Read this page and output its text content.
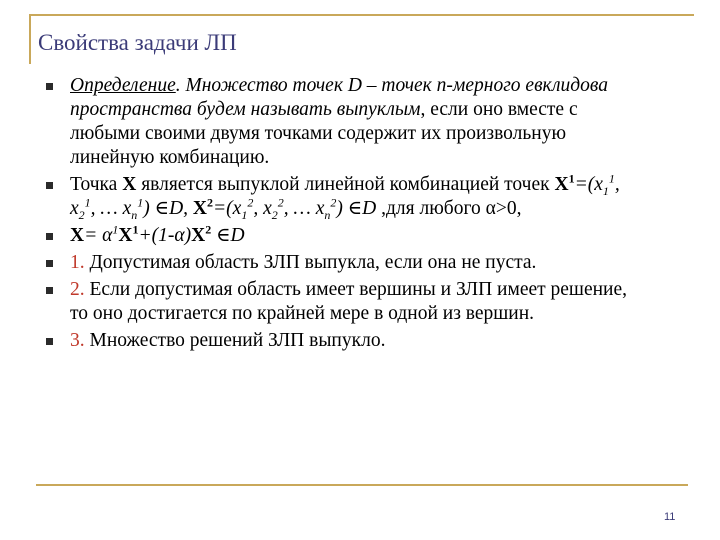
Свойства задачи ЛП
Определение. Множество точек D – точек n-мерного евклидова
пространства будем называть выпуклым, если оно вместе с
любыми своими двумя точками содержит их произвольную
линейную комбинацию.
Точка X является выпуклой линейной комбинацией точек $X^1=(x_1^1$,
$x_2^1$, … $x_n^1$) ∈D, $X^2=(x_1^2$, $x_2^2$, … $x_n^2$) ∈D ,для любого α>0,
$X= \alpha^1X^1+(1-\alpha)X^2$ ∈D
1. Допустимая область ЗЛП выпукла, если она не пуста.
2. Если допустимая область имеет вершины и ЗЛП имеет решение,
то оно достигается по крайней мере в одной из вершин.
3. Множество решений ЗЛП выпукло.
11
